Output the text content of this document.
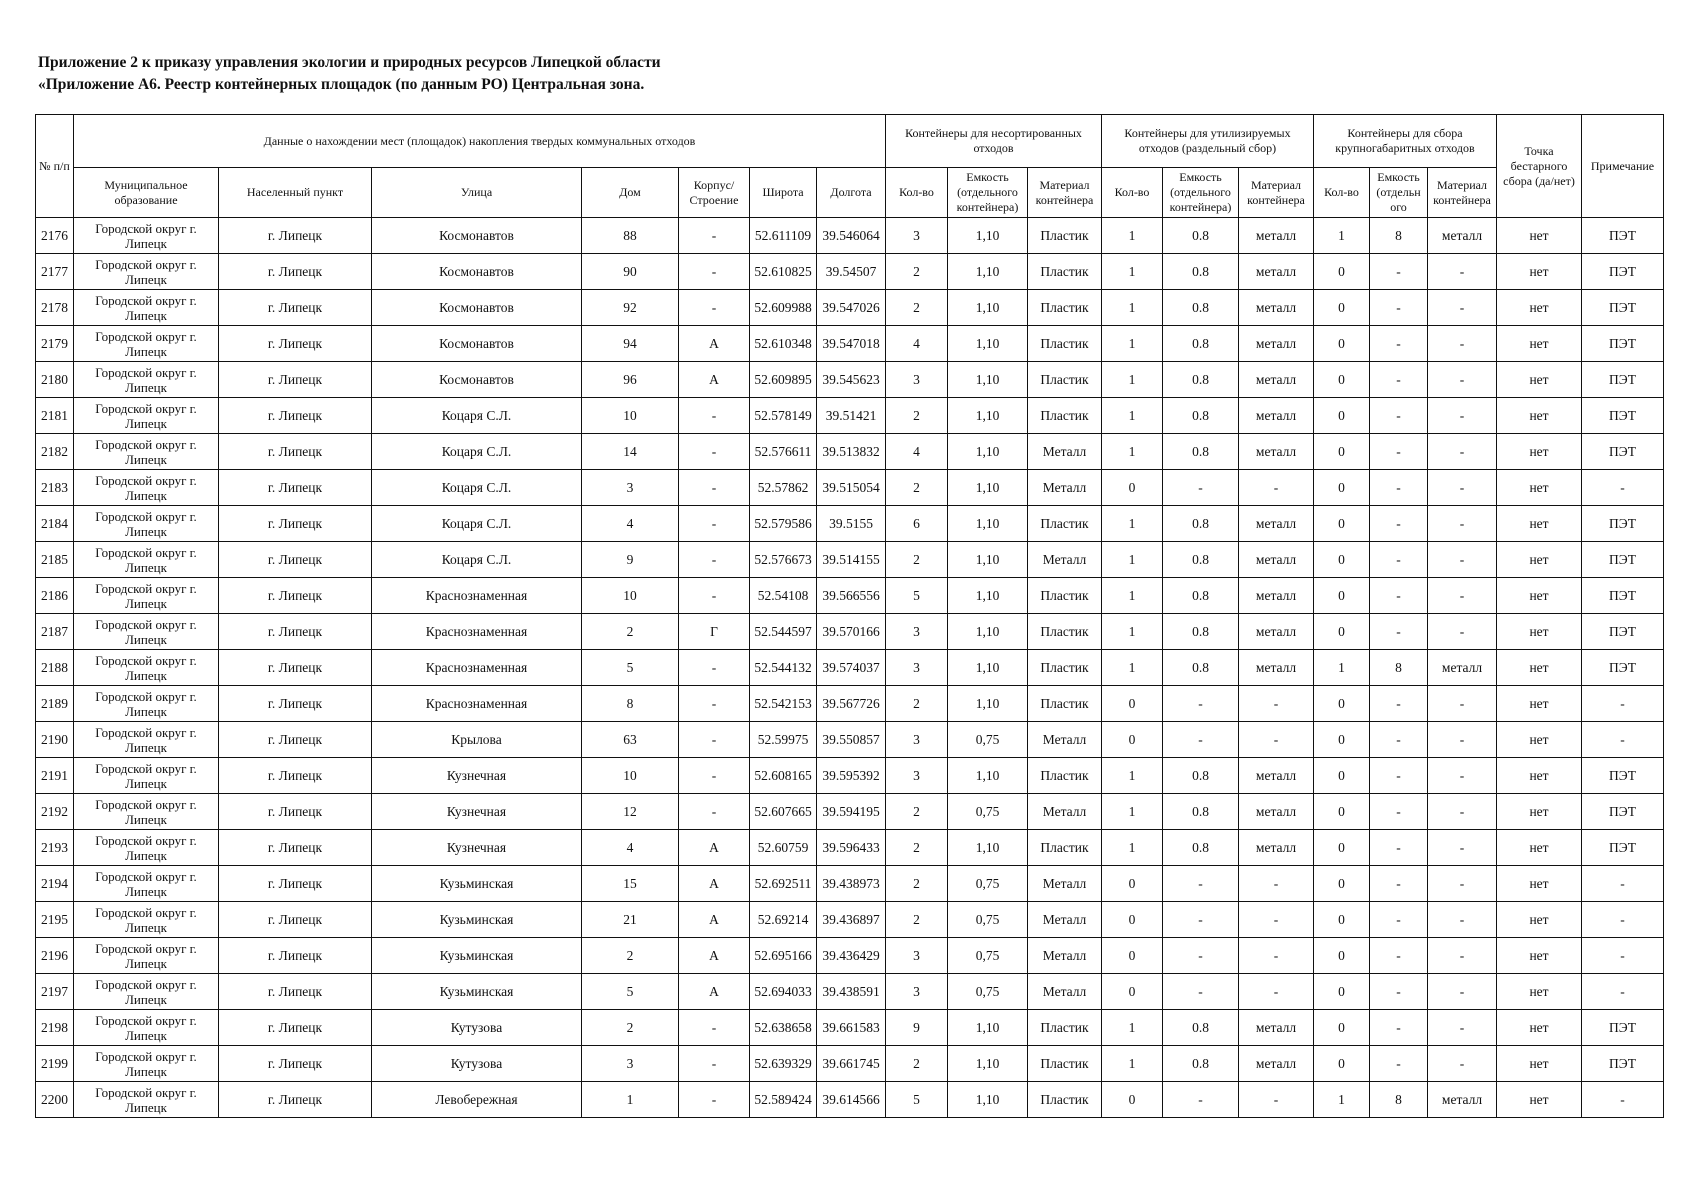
Приложение 2 к приказу управления экологии и природных ресурсов Липецкой области
«Приложение А6. Реестр контейнерных площадок (по данным РО) Центральная зона.
№ п/п	Данные о нахождении мест (площадок) накопления твердых коммунальных отходов							Контейнеры для несортированных отходов			Контейнеры для утилизируемых отходов (раздельный сбор)			Контейнеры для сбора крупногабаритных отходов			Точка бестарного сбора (да/нет)	Примечание
	Муниципальное образование	Населенный пункт	Улица	Дом	Корпус/ Строение	Широта	Долгота	Кол-во	Емкость (отдельного контейнера)	Материал контейнера	Кол-во	Емкость (отдельного контейнера)	Материал контейнера	Кол-во	Емкость (отдельн ого	Материал контейнера		
2176	Городской округ г. Липецк	г. Липецк	Космонавтов	88	-	52.611109	39.546064	3	1,10	Пластик	1	0.8	металл	1	8	металл	нет	ПЭТ
2177	Городской округ г. Липецк	г. Липецк	Космонавтов	90	-	52.610825	39.54507	2	1,10	Пластик	1	0.8	металл	0	-	-	нет	ПЭТ
2178	Городской округ г. Липецк	г. Липецк	Космонавтов	92	-	52.609988	39.547026	2	1,10	Пластик	1	0.8	металл	0	-	-	нет	ПЭТ
2179	Городской округ г. Липецк	г. Липецк	Космонавтов	94	А	52.610348	39.547018	4	1,10	Пластик	1	0.8	металл	0	-	-	нет	ПЭТ
2180	Городской округ г. Липецк	г. Липецк	Космонавтов	96	А	52.609895	39.545623	3	1,10	Пластик	1	0.8	металл	0	-	-	нет	ПЭТ
2181	Городской округ г. Липецк	г. Липецк	Коцаря С.Л.	10	-	52.578149	39.51421	2	1,10	Пластик	1	0.8	металл	0	-	-	нет	ПЭТ
2182	Городской округ г. Липецк	г. Липецк	Коцаря С.Л.	14	-	52.576611	39.513832	4	1,10	Металл	1	0.8	металл	0	-	-	нет	ПЭТ
2183	Городской округ г. Липецк	г. Липецк	Коцаря С.Л.	3	-	52.57862	39.515054	2	1,10	Металл	0	-	-	0	-	-	нет	-
2184	Городской округ г. Липецк	г. Липецк	Коцаря С.Л.	4	-	52.579586	39.5155	6	1,10	Пластик	1	0.8	металл	0	-	-	нет	ПЭТ
2185	Городской округ г. Липецк	г. Липецк	Коцаря С.Л.	9	-	52.576673	39.514155	2	1,10	Металл	1	0.8	металл	0	-	-	нет	ПЭТ
2186	Городской округ г. Липецк	г. Липецк	Краснознаменная	10	-	52.54108	39.566556	5	1,10	Пластик	1	0.8	металл	0	-	-	нет	ПЭТ
2187	Городской округ г. Липецк	г. Липецк	Краснознаменная	2	Г	52.544597	39.570166	3	1,10	Пластик	1	0.8	металл	0	-	-	нет	ПЭТ
2188	Городской округ г. Липецк	г. Липецк	Краснознаменная	5	-	52.544132	39.574037	3	1,10	Пластик	1	0.8	металл	1	8	металл	нет	ПЭТ
2189	Городской округ г. Липецк	г. Липецк	Краснознаменная	8	-	52.542153	39.567726	2	1,10	Пластик	0	-	-	0	-	-	нет	-
2190	Городской округ г. Липецк	г. Липецк	Крылова	63	-	52.59975	39.550857	3	0,75	Металл	0	-	-	0	-	-	нет	-
2191	Городской округ г. Липецк	г. Липецк	Кузнечная	10	-	52.608165	39.595392	3	1,10	Пластик	1	0.8	металл	0	-	-	нет	ПЭТ
2192	Городской округ г. Липецк	г. Липецк	Кузнечная	12	-	52.607665	39.594195	2	0,75	Металл	1	0.8	металл	0	-	-	нет	ПЭТ
2193	Городской округ г. Липецк	г. Липецк	Кузнечная	4	А	52.60759	39.596433	2	1,10	Пластик	1	0.8	металл	0	-	-	нет	ПЭТ
2194	Городской округ г. Липецк	г. Липецк	Кузьминская	15	А	52.692511	39.438973	2	0,75	Металл	0	-	-	0	-	-	нет	-
2195	Городской округ г. Липецк	г. Липецк	Кузьминская	21	А	52.69214	39.436897	2	0,75	Металл	0	-	-	0	-	-	нет	-
2196	Городской округ г. Липецк	г. Липецк	Кузьминская	2	А	52.695166	39.436429	3	0,75	Металл	0	-	-	0	-	-	нет	-
2197	Городской округ г. Липецк	г. Липецк	Кузьминская	5	А	52.694033	39.438591	3	0,75	Металл	0	-	-	0	-	-	нет	-
2198	Городской округ г. Липецк	г. Липецк	Кутузова	2	-	52.638658	39.661583	9	1,10	Пластик	1	0.8	металл	0	-	-	нет	ПЭТ
2199	Городской округ г. Липецк	г. Липецк	Кутузова	3	-	52.639329	39.661745	2	1,10	Пластик	1	0.8	металл	0	-	-	нет	ПЭТ
2200	Городской округ г. Липецк	г. Липецк	Левобережная	1	-	52.589424	39.614566	5	1,10	Пластик	0	-	-	1	8	металл	нет	-
